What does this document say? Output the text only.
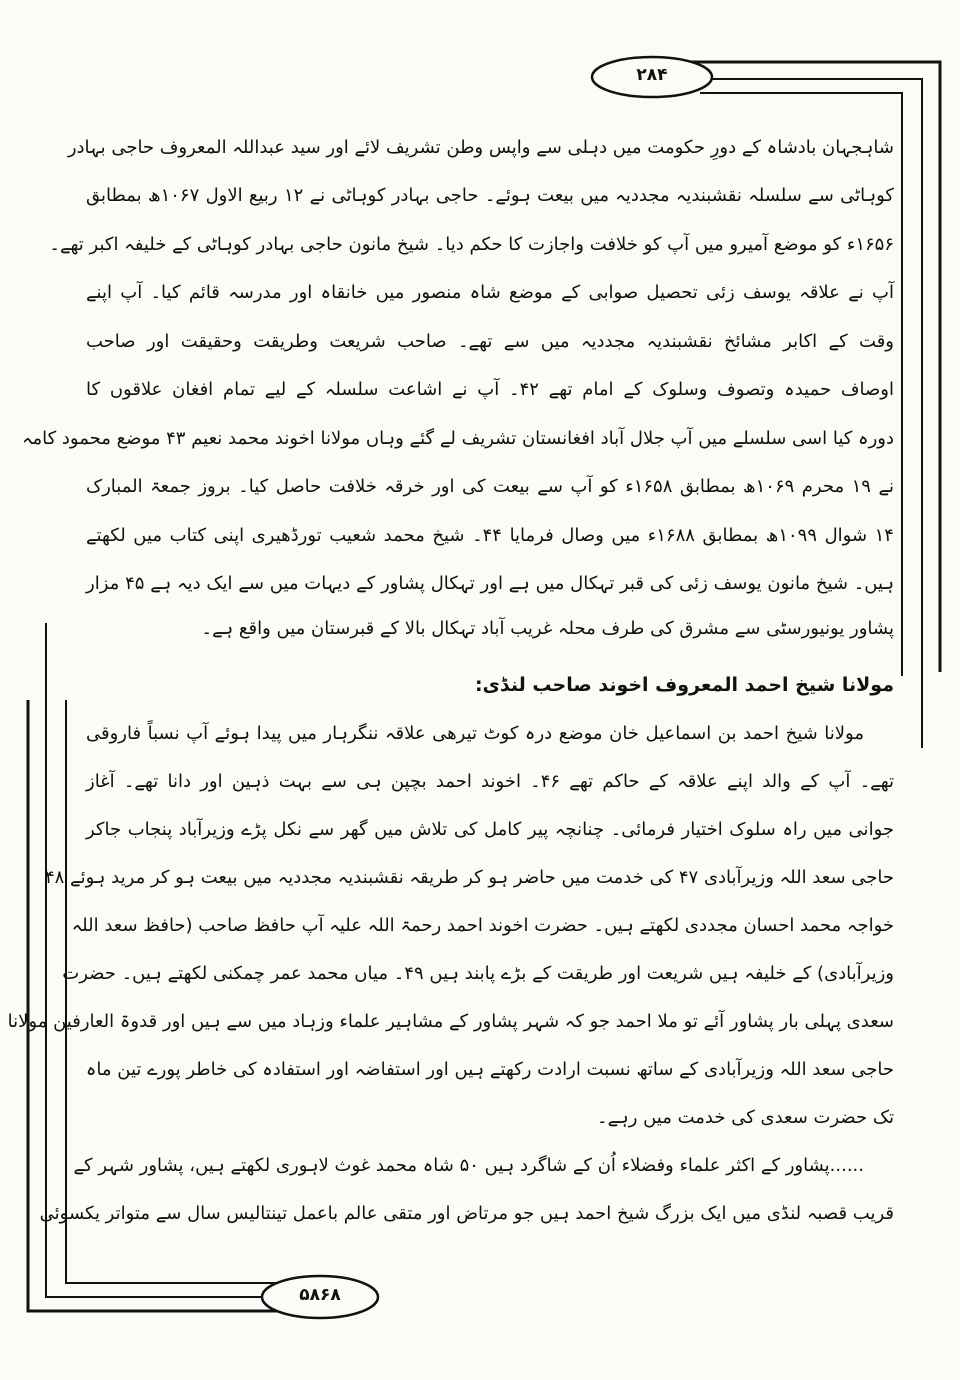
۲۸۴
۵۸۶۸
شاہجہان بادشاہ کے دورِ حکومت میں دہلی سے واپس وطن تشریف لائے اور سید عبداللہ المعروف حاجی بہادر
کوہاٹی سے سلسلہ نقشبندیہ مجددیہ میں بیعت ہوئے۔ حاجی بہادر کوہاٹی نے ۱۲ ربیع الاول ۱۰۶۷ھ بمطابق
۱۶۵۶ء کو موضع آمیرو میں آپ کو خلافت واجازت کا حکم دیا۔ شیخ مانون حاجی بہادر کوہاٹی کے خلیفہ اکبر تھے۔
آپ نے علاقہ یوسف زئی تحصیل صوابی کے موضع شاہ منصور میں خانقاہ اور مدرسہ قائم کیا۔ آپ اپنے
وقت کے اکابر مشائخ نقشبندیہ مجددیہ میں سے تھے۔ صاحب شریعت وطریقت وحقیقت اور صاحب
اوصاف حمیدہ وتصوف وسلوک کے امام تھے ۴۲۔ آپ نے اشاعت سلسلہ کے لیے تمام افغان علاقوں کا
دورہ کیا اسی سلسلے میں آپ جلال آباد افغانستان تشریف لے گئے وہاں مولانا اخوند محمد نعیم ۴۳ موضع محمود کامہ
نے ۱۹ محرم ۱۰۶۹ھ بمطابق ۱۶۵۸ء کو آپ سے بیعت کی اور خرقہ خلافت حاصل کیا۔ بروز جمعۃ المبارک
۱۴ شوال ۱۰۹۹ھ بمطابق ۱۶۸۸ء میں وصال فرمایا ۴۴۔ شیخ محمد شعیب تورڈھیری اپنی کتاب میں لکھتے
ہیں۔ شیخ مانون یوسف زئی کی قبر تہکال میں ہے اور تہکال پشاور کے دیہات میں سے ایک دیہ ہے ۴۵ مزار
پشاور یونیورسٹی سے مشرق کی طرف محلہ غریب آباد تہکال بالا کے قبرستان میں واقع ہے۔
مولانا شیخ احمد المعروف اخوند صاحب لنڈی:
مولانا شیخ احمد بن اسماعیل خان موضع درہ کوٹ تیرھی علاقہ ننگرہار میں پیدا ہوئے آپ نسباً فاروقی
تھے۔ آپ کے والد اپنے علاقہ کے حاکم تھے ۴۶۔ اخوند احمد بچپن ہی سے بہت ذہین اور دانا تھے۔ آغاز
جوانی میں راہ سلوک اختیار فرمائی۔ چنانچہ پیر کامل کی تلاش میں گھر سے نکل پڑے وزیرآباد پنجاب جاکر
حاجی سعد اللہ وزیرآبادی ۴۷ کی خدمت میں حاضر ہو کر طریقہ نقشبندیہ مجددیہ میں بیعت ہو کر مرید ہوئے ۴۸
خواجہ محمد احسان مجددی لکھتے ہیں۔ حضرت اخوند احمد رحمۃ اللہ علیہ آپ حافظ صاحب (حافظ سعد اللہ
وزیرآبادی) کے خلیفہ ہیں شریعت اور طریقت کے بڑے پابند ہیں ۴۹۔ میاں محمد عمر چمکنی لکھتے ہیں۔ حضرت
سعدی پہلی بار پشاور آئے تو ملا احمد جو کہ شہر پشاور کے مشاہیر علماء وزہاد میں سے ہیں اور قدوۃ العارفین مولانا
حاجی سعد اللہ وزیرآبادی کے ساتھ نسبت ارادت رکھتے ہیں اور استفاضہ اور استفادہ کی خاطر پورے تین ماہ
تک حضرت سعدی کی خدمت میں رہے۔
......پشاور کے اکثر علماء وفضلاء اُن کے شاگرد ہیں ۵۰ شاہ محمد غوث لاہوری لکھتے ہیں، پشاور شہر کے
قریب قصبہ لنڈی میں ایک بزرگ شیخ احمد ہیں جو مرتاض اور متقی عالم باعمل تینتالیس سال سے متواتر یکسوئی
